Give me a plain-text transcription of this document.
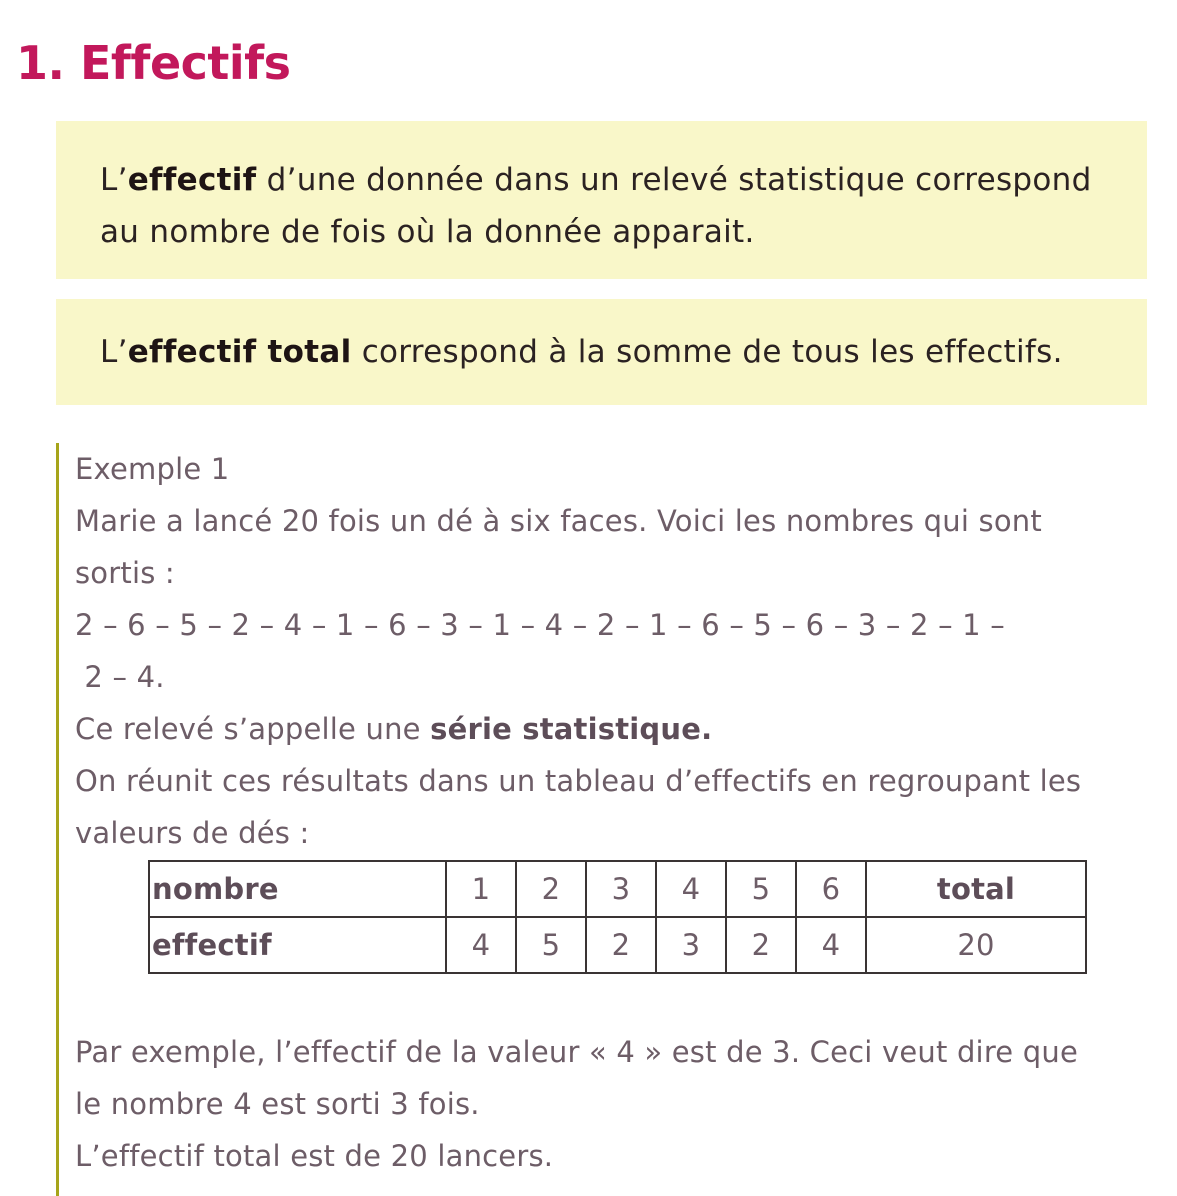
1. Effectifs
L’effectif d’une donnée dans un relevé statistique correspond
au nombre de fois où la donnée apparait.
L’effectif total correspond à la somme de tous les effectifs.

Exemple 1

Marie a lancé 20 fois un dé à six faces. Voici les nombres qui sont

sortis :

2 – 6 – 5 – 2 – 4 – 1 – 6 – 3 – 1 – 4 – 2 – 1 – 6 – 5 – 6 – 3 – 2 – 1 –

2 – 4.

Ce relevé s’appelle une série statistique.

On réunit ces résultats dans un tableau d’effectifs en regroupant les

valeurs de dés :

nombre	1	2	3	4	5	6	total
effectif	4	5	2	3	2	4	20

Par exemple, l’effectif de la valeur « 4 » est de 3. Ceci veut dire que

le nombre 4 est sorti 3 fois.

L’effectif total est de 20 lancers.
